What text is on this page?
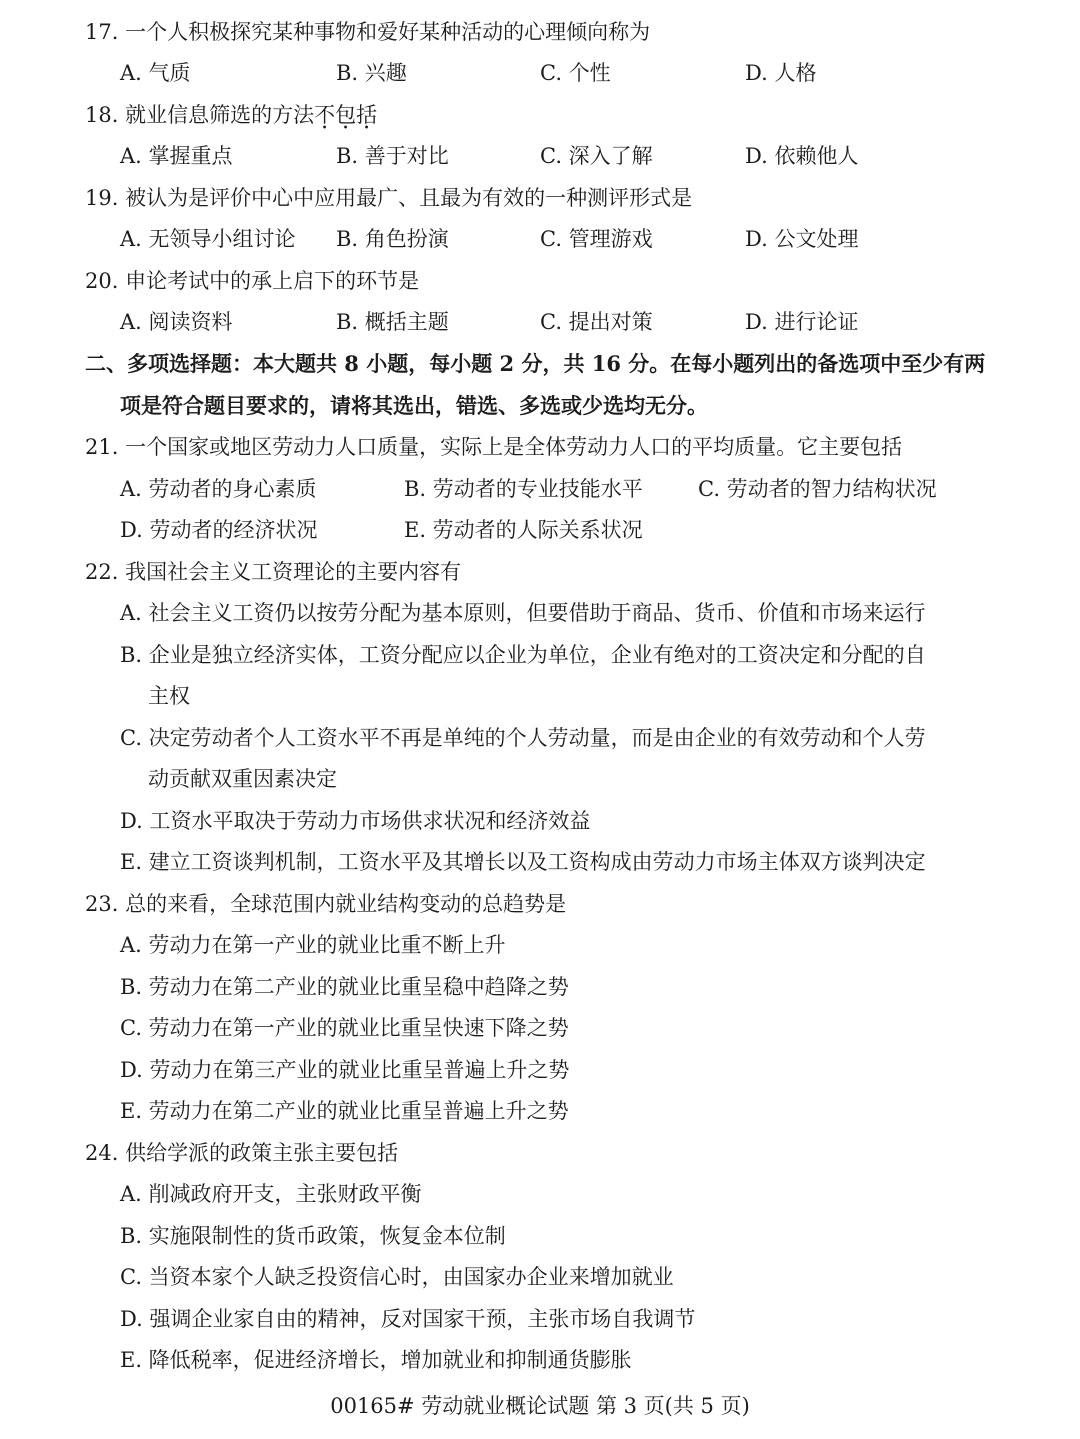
17. 一个人积极探究某种事物和爱好某种活动的心理倾向称为
A. 气质	B. 兴趣	C. 个性	D. 人格
18. 就业信息筛选的方法不包括
A. 掌握重点	B. 善于对比	C. 深入了解	D. 依赖他人
19. 被认为是评价中心中应用最广、且最为有效的一种测评形式是
A. 无领导小组讨论 B. 角色扮演	C. 管理游戏	D. 公文处理
20. 申论考试中的承上启下的环节是
A. 阅读资料	B. 概括主题	C. 提出对策	D. 进行论证
二、多项选择题：本大题共 8 小题，每小题 2 分，共 16 分。在每小题列出的备选项中至少有两
项是符合题目要求的，请将其选出，错选、多选或少选均无分。
21. 一个国家或地区劳动力人口质量，实际上是全体劳动力人口的平均质量。它主要包括
A. 劳动者的身心素质	B. 劳动者的专业技能水平	C. 劳动者的智力结构状况
D. 劳动者的经济状况	E. 劳动者的人际关系状况
22. 我国社会主义工资理论的主要内容有
A. 社会主义工资仍以按劳分配为基本原则，但要借助于商品、货币、价值和市场来运行
B. 企业是独立经济实体，工资分配应以企业为单位，企业有绝对的工资决定和分配的自
主权
C. 决定劳动者个人工资水平不再是单纯的个人劳动量，而是由企业的有效劳动和个人劳
动贡献双重因素决定
D. 工资水平取决于劳动力市场供求状况和经济效益
E. 建立工资谈判机制，工资水平及其增长以及工资构成由劳动力市场主体双方谈判决定
23. 总的来看，全球范围内就业结构变动的总趋势是
A. 劳动力在第一产业的就业比重不断上升
B. 劳动力在第二产业的就业比重呈稳中趋降之势
C. 劳动力在第一产业的就业比重呈快速下降之势
D. 劳动力在第三产业的就业比重呈普遍上升之势
E. 劳动力在第二产业的就业比重呈普遍上升之势
24. 供给学派的政策主张主要包括
A. 削减政府开支，主张财政平衡
B. 实施限制性的货币政策，恢复金本位制
C. 当资本家个人缺乏投资信心时，由国家办企业来增加就业
D. 强调企业家自由的精神，反对国家干预，主张市场自我调节
E. 降低税率，促进经济增长，增加就业和抑制通货膨胀
00165# 劳动就业概论试题 第 3 页(共 5 页)
